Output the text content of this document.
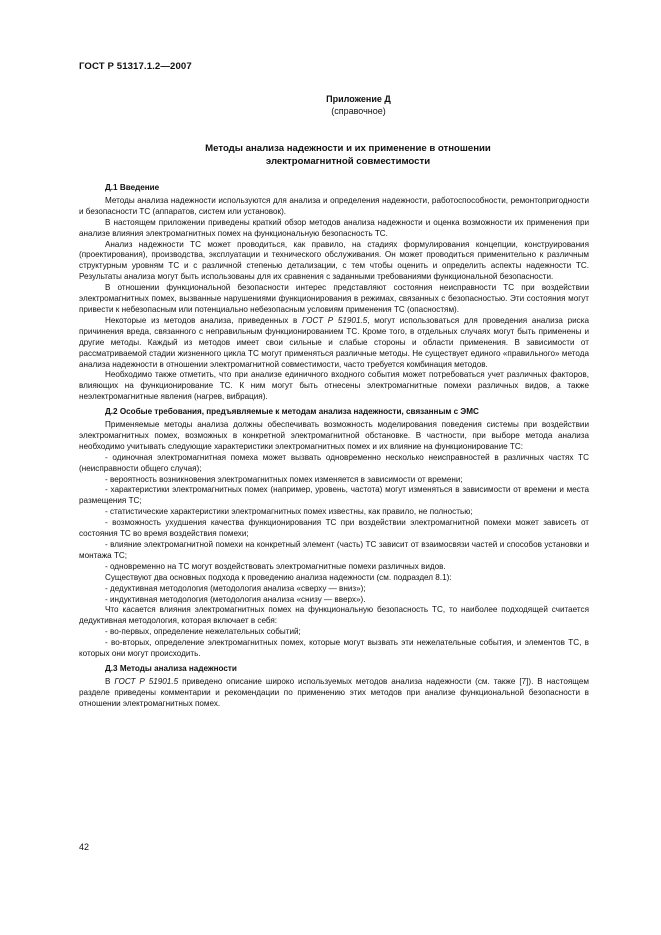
ГОСТ Р 51317.1.2—2007
Приложение Д
(справочное)
Методы анализа надежности и их применение в отношении
электромагнитной совместимости
Д.1 Введение

Методы анализа надежности используются для анализа и определения надежности, работоспособности, ремонтопригодности и безопасности ТС (аппаратов, систем или установок).

В настоящем приложении приведены краткий обзор методов анализа надежности и оценка возможности их применения при анализе влияния электромагнитных помех на функциональную безопасность ТС.

Анализ надежности ТС может проводиться, как правило, на стадиях формулирования концепции, конструирования (проектирования), производства, эксплуатации и технического обслуживания. Он может проводиться применительно к различным структурным уровням ТС и с различной степенью детализации, с тем чтобы оценить и определить аспекты надежности ТС. Результаты анализа могут быть использованы для их сравнения с заданными требованиями функциональной безопасности.

В отношении функциональной безопасности интерес представляют состояния неисправности ТС при воздействии электромагнитных помех, вызванные нарушениями функционирования в режимах, связанных с безопасностью. Эти состояния могут привести к небезопасным или потенциально небезопасным условиям применения ТС (опасностям).

Некоторые из методов анализа, приведенных в ГОСТ Р 51901.5, могут использоваться для проведения анализа риска причинения вреда, связанного с неправильным функционированием ТС. Кроме того, в отдельных случаях могут быть применены и другие методы. Каждый из методов имеет свои сильные и слабые стороны и области применения. В зависимости от рассматриваемой стадии жизненного цикла ТС могут применяться различные методы. Не существует единого «правильного» метода анализа надежности в отношении электромагнитной совместимости, часто требуется комбинация методов.

Необходимо также отметить, что при анализе единичного входного события может потребоваться учет различных факторов, влияющих на функционирование ТС. К ним могут быть отнесены электромагнитные помехи различных видов, а также неэлектромагнитные явления (нагрев, вибрация).

Д.2 Особые требования, предъявляемые к методам анализа надежности, связанным с ЭМС

Применяемые методы анализа должны обеспечивать возможность моделирования поведения системы при воздействии электромагнитных помех, возможных в конкретной электромагнитной обстановке. В частности, при выборе метода анализа необходимо учитывать следующие характеристики электромагнитных помех и их влияние на функционирование ТС:

- одиночная электромагнитная помеха может вызвать одновременно несколько неисправностей в различных частях ТС (неисправности общего случая);

- вероятность возникновения электромагнитных помех изменяется в зависимости от времени;

- характеристики электромагнитных помех (например, уровень, частота) могут изменяться в зависимости от времени и места размещения ТС;

- статистические характеристики электромагнитных помех известны, как правило, не полностью;

- возможность ухудшения качества функционирования ТС при воздействии электромагнитной помехи может зависеть от состояния ТС во время воздействия помехи;

- влияние электромагнитной помехи на конкретный элемент (часть) ТС зависит от взаимосвязи частей и способов установки и монтажа ТС;

- одновременно на ТС могут воздействовать электромагнитные помехи различных видов.

Существуют два основных подхода к проведению анализа надежности (см. подраздел 8.1):

- дедуктивная методология (методология анализа «сверху — вниз»);

- индуктивная методология (методология анализа «снизу — вверх»).

Что касается влияния электромагнитных помех на функциональную безопасность ТС, то наиболее подходящей считается дедуктивная методология, которая включает в себя:

- во-первых, определение нежелательных событий;

- во-вторых, определение электромагнитных помех, которые могут вызвать эти нежелательные события, и элементов ТС, в которых они могут происходить.

Д.3 Методы анализа надежности

В ГОСТ Р 51901.5 приведено описание широко используемых методов анализа надежности (см. также [7]). В настоящем разделе приведены комментарии и рекомендации по применению этих методов при анализе функциональной безопасности в отношении электромагнитных помех.

42
